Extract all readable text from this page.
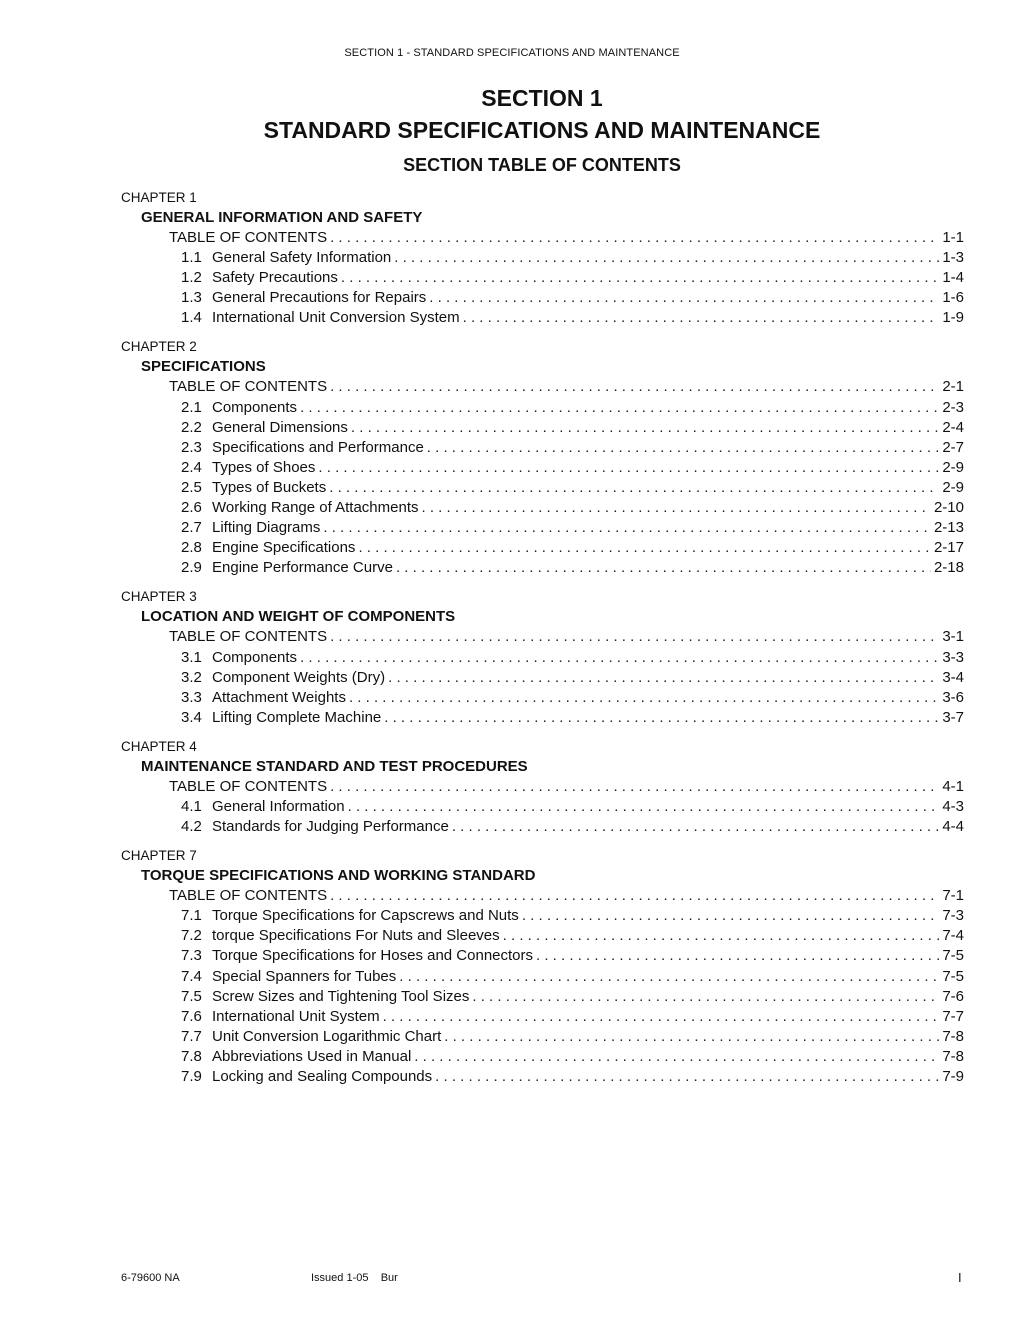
SECTION 1 - STANDARD SPECIFICATIONS AND MAINTENANCE
SECTION 1
STANDARD SPECIFICATIONS AND MAINTENANCE
SECTION TABLE OF CONTENTS
CHAPTER 1
GENERAL INFORMATION AND SAFETY
TABLE OF CONTENTS . . .	1-1
1.1 General Safety Information . . .	1-3
1.2 Safety Precautions . . .	1-4
1.3 General Precautions for Repairs . . .	1-6
1.4 International Unit Conversion System . . .	1-9
CHAPTER 2
SPECIFICATIONS
TABLE OF CONTENTS . . .	2-1
2.1 Components . . .	2-3
2.2 General Dimensions . . .	2-4
2.3 Specifications and Performance . . .	2-7
2.4 Types of Shoes . . .	2-9
2.5 Types of Buckets . . .	2-9
2.6 Working Range of Attachments . . .	2-10
2.7 Lifting Diagrams . . .	2-13
2.8 Engine Specifications . . .	2-17
2.9 Engine Performance Curve . . .	2-18
CHAPTER 3
LOCATION AND WEIGHT OF COMPONENTS
TABLE OF CONTENTS . . .	3-1
3.1 Components . . .	3-3
3.2 Component Weights (Dry) . . .	3-4
3.3 Attachment Weights . . .	3-6
3.4 Lifting Complete Machine . . .	3-7
CHAPTER 4
MAINTENANCE STANDARD AND TEST PROCEDURES
TABLE OF CONTENTS . . .	4-1
4.1 General Information . . .	4-3
4.2 Standards for Judging Performance . . .	4-4
CHAPTER 7
TORQUE SPECIFICATIONS AND WORKING STANDARD
TABLE OF CONTENTS . . .	7-1
7.1 Torque Specifications for Capscrews and Nuts . . .	7-3
7.2 torque Specifications For Nuts and Sleeves . . .	7-4
7.3 Torque Specifications for Hoses and Connectors . . .	7-5
7.4 Special Spanners for Tubes . . .	7-5
7.5 Screw Sizes and Tightening Tool Sizes . . .	7-6
7.6 International Unit System . . .	7-7
7.7 Unit Conversion Logarithmic Chart . . .	7-8
7.8 Abbreviations Used in Manual . . .	7-8
7.9 Locking and Sealing Compounds . . .	7-9
6-79600 NA	Issued 1-05    Bur	I
